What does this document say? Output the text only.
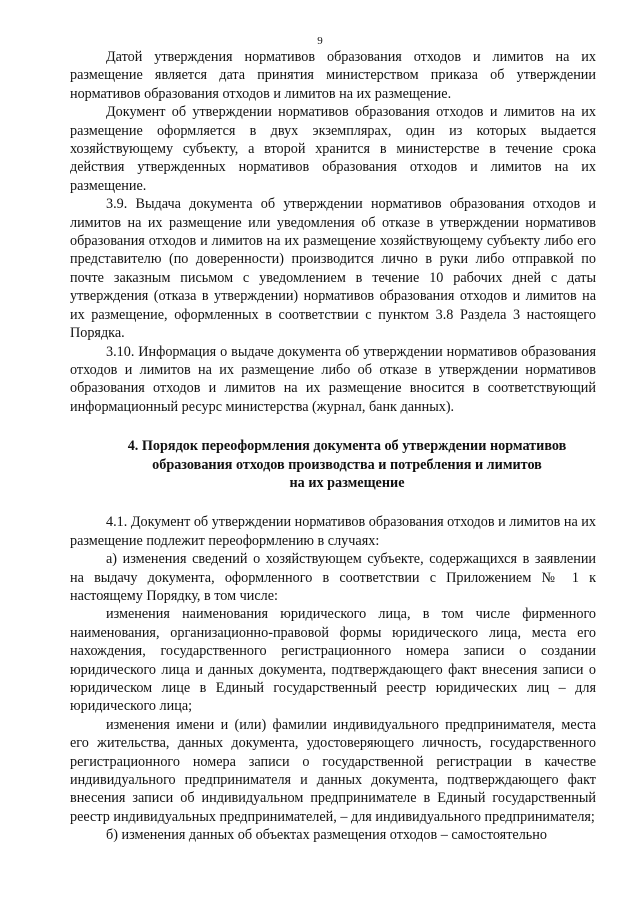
9

Датой утверждения нормативов образования отходов и лимитов на их размещение является дата принятия министерством приказа об утверждении нормативов образования отходов и лимитов на их размещение.

Документ об утверждении нормативов образования отходов и лимитов на их размещение оформляется в двух экземплярах, один из которых выдается хозяйствующему субъекту, а второй хранится в министерстве в течение срока действия утвержденных нормативов образования отходов и лимитов на их размещение.

3.9. Выдача документа об утверждении нормативов образования отходов и лимитов на их размещение или уведомления об отказе в утверждении нормативов образования отходов и лимитов на их размещение хозяйствующему субъекту либо его представителю (по доверенности) производится лично в руки либо отправкой по почте заказным письмом с уведомлением в течение 10 рабочих дней с даты утверждения (отказа в утверждении) нормативов образования отходов и лимитов на их размещение, оформленных в соответствии с пунктом 3.8 Раздела 3 настоящего Порядка.

3.10. Информация о выдаче документа об утверждении нормативов образования отходов и лимитов на их размещение либо об отказе в утверждении нормативов образования отходов и лимитов на их размещение вносится в соответствующий информационный ресурс министерства (журнал, банк данных).

4. Порядок переоформления документа об утверждении нормативов
образования отходов производства и потребления и лимитов
на их размещение

4.1. Документ об утверждении нормативов образования отходов и лимитов на их размещение подлежит переоформлению в случаях:

а) изменения сведений о хозяйствующем субъекте, содержащихся в заявлении на выдачу документа, оформленного в соответствии с Приложением № 1 к настоящему Порядку, в том числе:

изменения наименования юридического лица, в том числе фирменного наименования, организационно-правовой формы юридического лица, места его нахождения, государственного регистрационного номера записи о создании юридического лица и данных документа, подтверждающего факт внесения записи о юридическом лице в Единый государственный реестр юридических лиц – для юридического лица;

изменения имени и (или) фамилии индивидуального предпринимателя, места его жительства, данных документа, удостоверяющего личность, государственного регистрационного номера записи о государственной регистрации в качестве индивидуального предпринимателя и данных документа, подтверждающего факт внесения записи об индивидуальном предпринимателе в Единый государственный реестр индивидуальных предпринимателей, – для индивидуального предпринимателя;

б) изменения данных об объектах размещения отходов – самостоятельно
